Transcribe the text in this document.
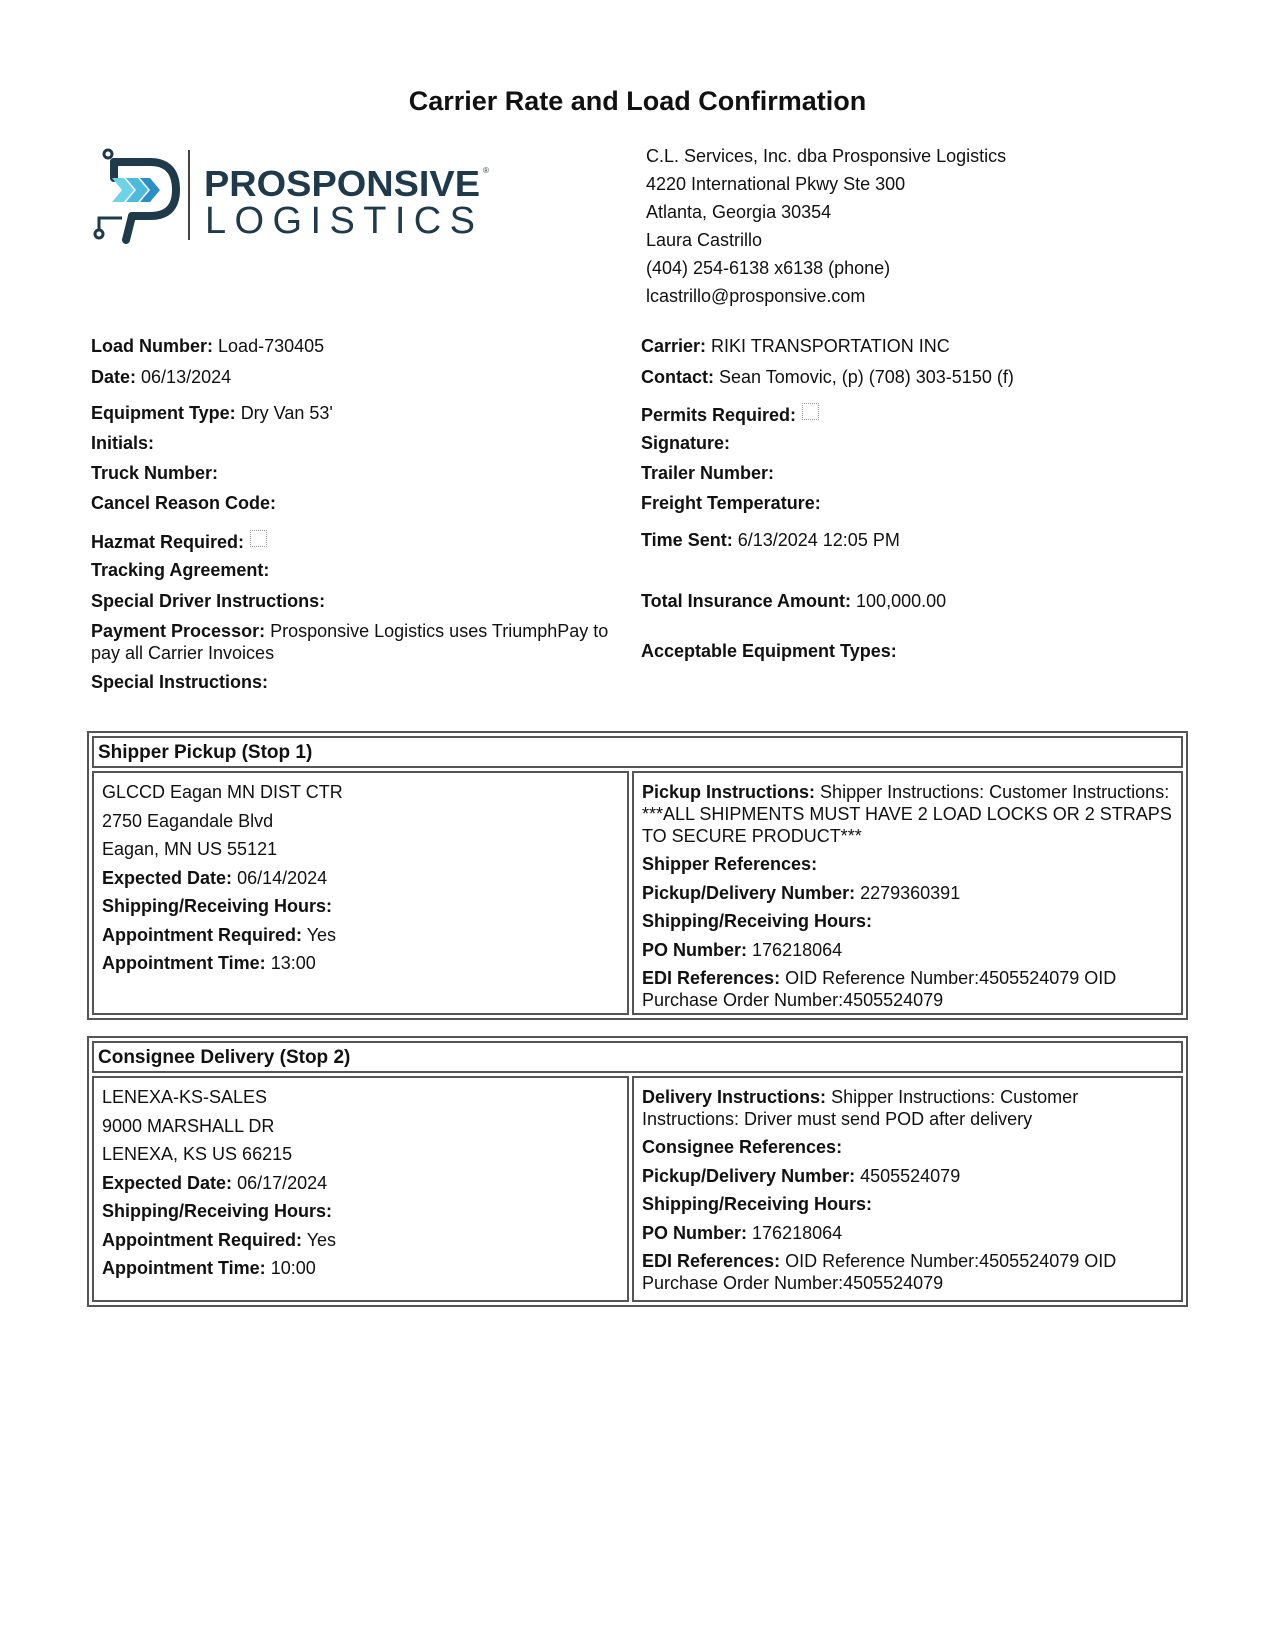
Carrier Rate and Load Confirmation
PROSPONSIVE ®
LOGISTICS
C.L. Services, Inc. dba Prosponsive Logistics
4220 International Pkwy Ste 300
Atlanta, Georgia 30354
Laura Castrillo
(404) 254-6138 x6138 (phone)
lcastrillo@prosponsive.com
Load Number: Load-730405	Carrier: RIKI TRANSPORTATION INC
Date: 06/13/2024	Contact: Sean Tomovic, (p) (708) 303-5150 (f)
Equipment Type: Dry Van 53'	Permits Required:
Initials:	Signature:
Truck Number:	Trailer Number:
Cancel Reason Code:	Freight Temperature:
Hazmat Required:	Time Sent: 6/13/2024 12:05 PM
Tracking Agreement:
Special Driver Instructions:	Total Insurance Amount: 100,000.00
Payment Processor: Prosponsive Logistics uses TriumphPay to pay all Carrier Invoices	Acceptable Equipment Types:
Special Instructions:
Shipper Pickup (Stop 1)
GLCCD Eagan MN DIST CTR
2750 Eagandale Blvd
Eagan, MN US 55121
Expected Date: 06/14/2024
Shipping/Receiving Hours:
Appointment Required: Yes
Appointment Time: 13:00
Pickup Instructions: Shipper Instructions: Customer Instructions: ***ALL SHIPMENTS MUST HAVE 2 LOAD LOCKS OR 2 STRAPS TO SECURE PRODUCT***
Shipper References:
Pickup/Delivery Number: 2279360391
Shipping/Receiving Hours:
PO Number: 176218064
EDI References: OID Reference Number:4505524079 OID Purchase Order Number:4505524079
Consignee Delivery (Stop 2)
LENEXA-KS-SALES
9000 MARSHALL DR
LENEXA, KS US 66215
Expected Date: 06/17/2024
Shipping/Receiving Hours:
Appointment Required: Yes
Appointment Time: 10:00
Delivery Instructions: Shipper Instructions: Customer Instructions: Driver must send POD after delivery
Consignee References:
Pickup/Delivery Number: 4505524079
Shipping/Receiving Hours:
PO Number: 176218064
EDI References: OID Reference Number:4505524079 OID Purchase Order Number:4505524079
